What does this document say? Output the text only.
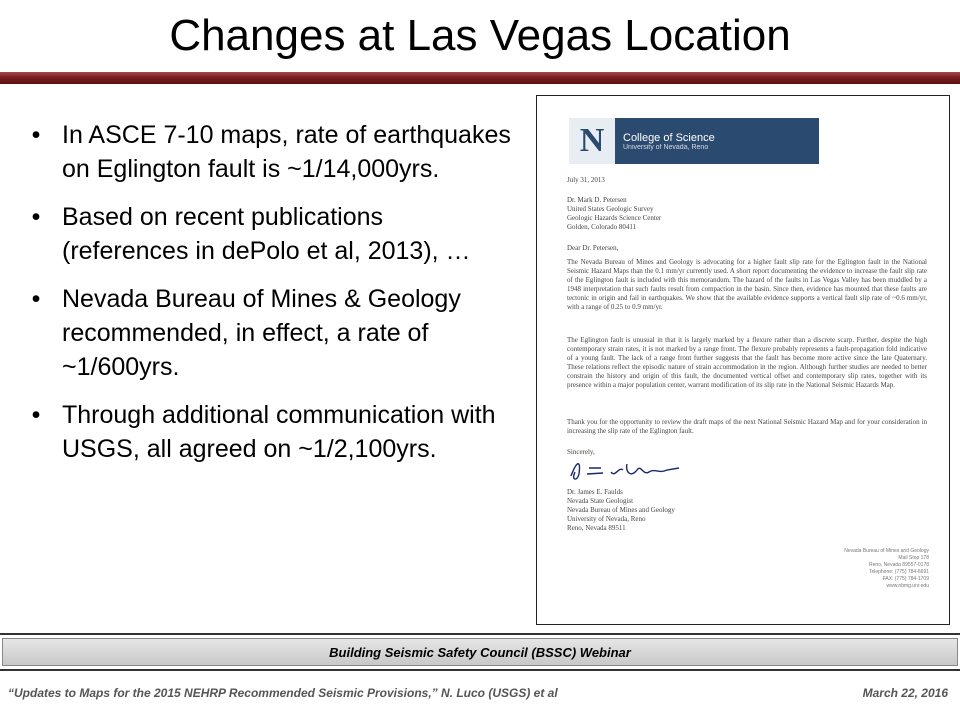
Changes at Las Vegas Location
• In ASCE 7-10 maps, rate of earthquakes on Eglington fault is ~1/14,000yrs.
• Based on recent publications (references in dePolo et al, 2013), …
• Nevada Bureau of Mines & Geology recommended, in effect, a rate of ~1/600yrs.
• Through additional communication with USGS, all agreed on ~1/2,100yrs.
N	College of Science
University of Nevada, Reno
July 31, 2013
Dr. Mark D. Petersen
United States Geologic Survey
Geologic Hazards Science Center
Golden, Colorado 80411
Dear Dr. Petersen,
The Nevada Bureau of Mines and Geology is advocating for a higher fault slip rate for the Eglington fault in the National Seismic Hazard Maps than the 0.1 mm/yr currently used. A short report documenting the evidence to increase the fault slip rate of the Eglington fault is included with this memorandum. The hazard of the faults in Las Vegas Valley has been muddled by a 1948 interpretation that such faults result from compaction in the basin. Since then, evidence has mounted that these faults are tectonic in origin and fail in earthquakes. We show that the available evidence supports a vertical fault slip rate of ~0.6 mm/yr, with a range of 0.25 to 0.9 mm/yr.
The Eglington fault is unusual in that it is largely marked by a flexure rather than a discrete scarp. Further, despite the high contemporary strain rates, it is not marked by a range front. The flexure probably represents a fault-propagation fold indicative of a young fault. The lack of a range front further suggests that the fault has become more active since the late Quaternary. These relations reflect the episodic nature of strain accommodation in the region. Although further studies are needed to better constrain the history and origin of this fault, the documented vertical offset and contemporary slip rates, together with its presence within a major population center, warrant modification of its slip rate in the National Seismic Hazards Map.
Thank you for the opportunity to review the draft maps of the next National Seismic Hazard Map and for your consideration in increasing the slip rate of the Eglington fault.
Sincerely,
Dr. James E. Faulds
Nevada State Geologist
Nevada Bureau of Mines and Geology
University of Nevada, Reno
Reno, Nevada 89511
Nevada Bureau of Mines and Geology
Mail Stop 178
Reno, Nevada 89557-0178
Telephone: (775) 784-6691
FAX: (775) 784-1709
www.nbmg.unr.edu
Building Seismic Safety Council (BSSC) Webinar
“Updates to Maps for the 2015 NEHRP Recommended Seismic Provisions,” N. Luco (USGS) et al	March 22, 2016
